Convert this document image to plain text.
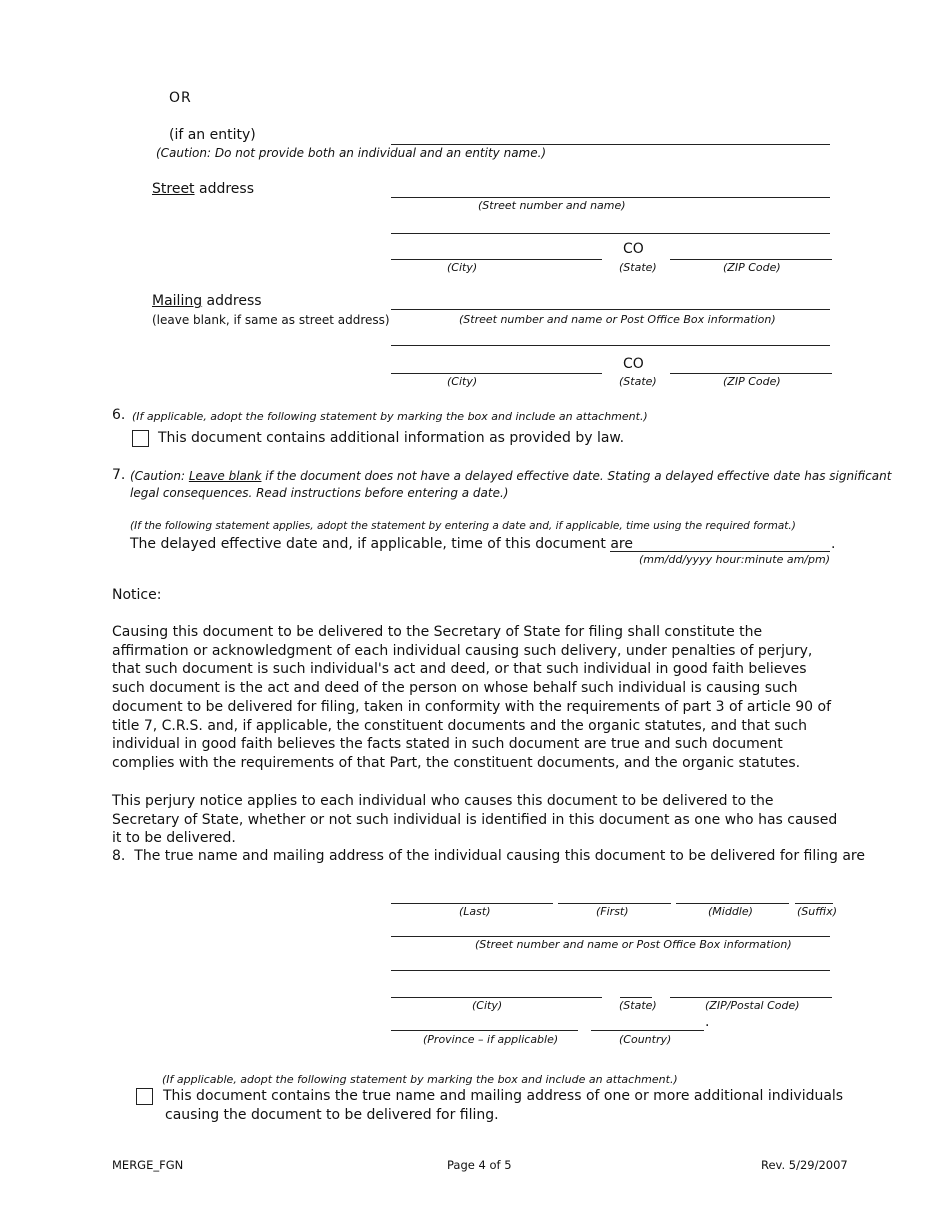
OR
(if an entity)
(Caution: Do not provide both an individual and an entity name.)
Street address
(Street number and name)
CO
(City)	(State)	(ZIP Code)
Mailing address
(leave blank, if same as street address)	(Street number and name or Post Office Box information)
CO
(City)	(State)	(ZIP Code)
6. (If applicable, adopt the following statement by marking the box and include an attachment.)
This document contains additional information as provided by law.
7. (Caution: Leave blank if the document does not have a delayed effective date. Stating a delayed effective date has significant
legal consequences. Read instructions before entering a date.)
(If the following statement applies, adopt the statement by entering a date and, if applicable, time using the required format.)
The delayed effective date and, if applicable, time of this document are	.
(mm/dd/yyyy hour:minute am/pm)
Notice:
Causing this document to be delivered to the Secretary of State for filing shall constitute the affirmation or acknowledgment of each individual causing such delivery, under penalties of perjury, that such document is such individual's act and deed, or that such individual in good faith believes such document is the act and deed of the person on whose behalf such individual is causing such document to be delivered for filing, taken in conformity with the requirements of part 3 of article 90 of title 7, C.R.S. and, if applicable, the constituent documents and the organic statutes, and that such individual in good faith believes the facts stated in such document are true and such document complies with the requirements of that Part, the constituent documents, and the organic statutes.
This perjury notice applies to each individual who causes this document to be delivered to the Secretary of State, whether or not such individual is identified in this document as one who has caused it to be delivered.
8. The true name and mailing address of the individual causing this document to be delivered for filing are
(Last)	(First)	(Middle)	(Suffix)
(Street number and name or Post Office Box information)
(City)	(State)	(ZIP/Postal Code)
.
(Province – if applicable)	(Country)
(If applicable, adopt the following statement by marking the box and include an attachment.)
This document contains the true name and mailing address of one or more additional individuals
causing the document to be delivered for filing.
MERGE_FGN	Page 4 of 5	Rev. 5/29/2007
